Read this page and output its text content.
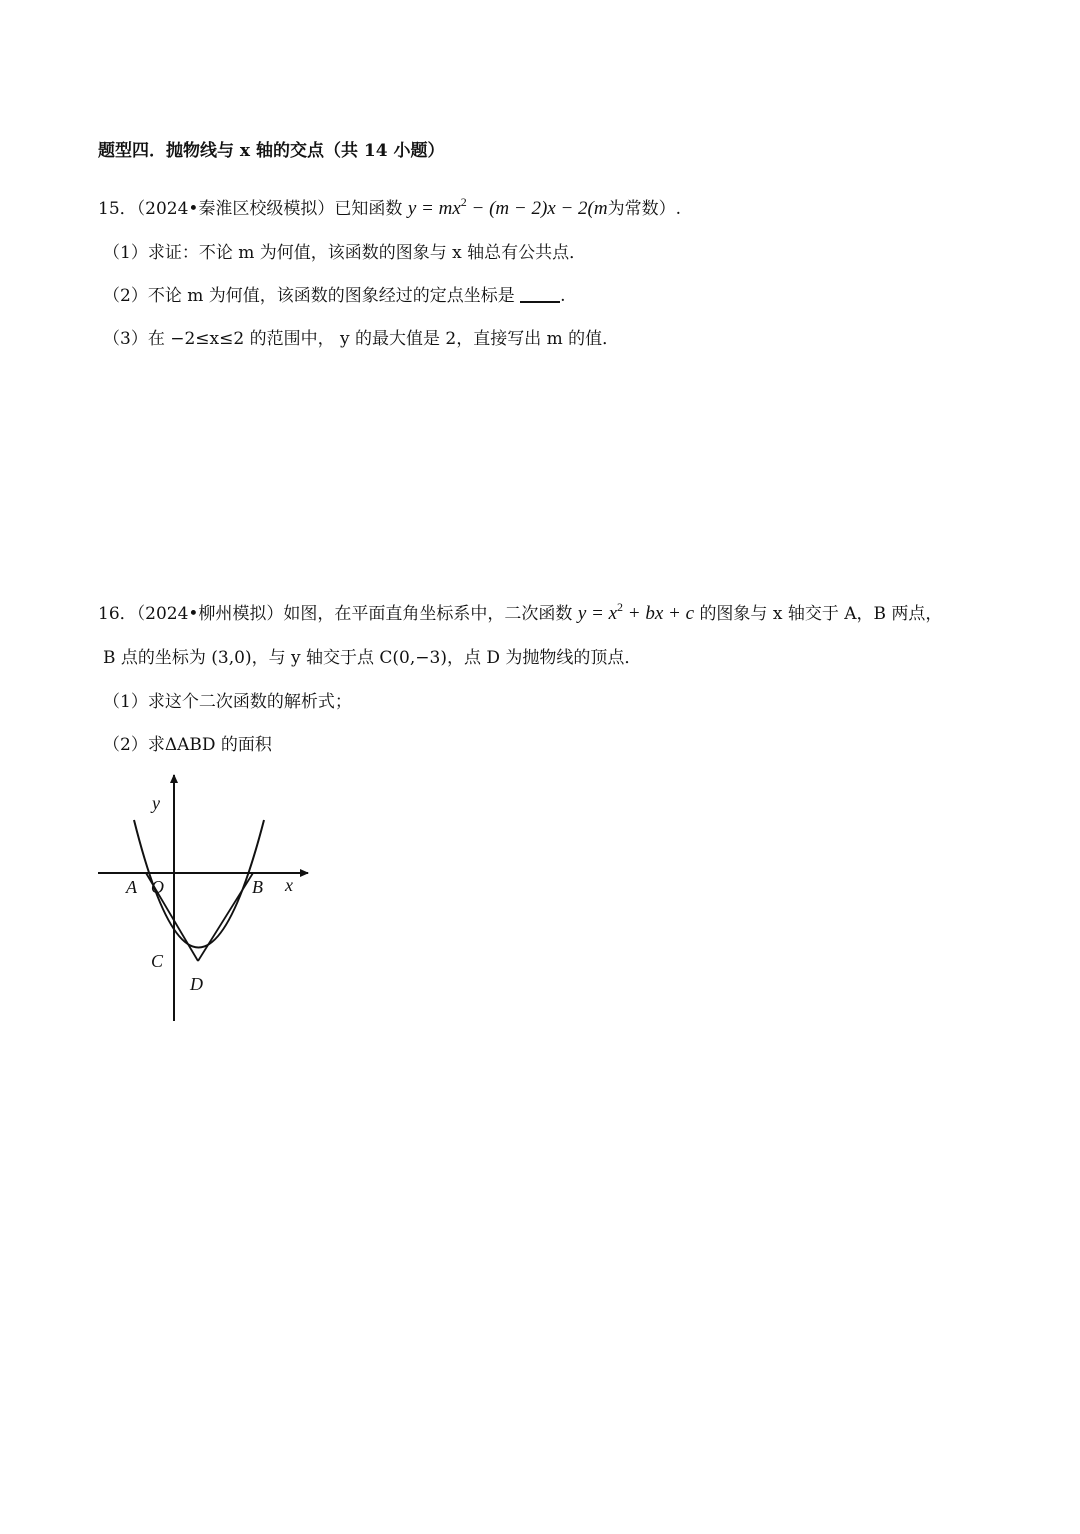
题型四．抛物线与 x 轴的交点（共 14 小题）
15．（2024•秦淮区校级模拟）已知函数 $y = mx^2 - (m - 2)x - 2(m$为常数）.
（1）求证：不论 m 为何值，该函数的图象与 x 轴总有公共点．
（2）不论 m 为何值，该函数的图象经过的定点坐标是	.
（3）在 −2≤x≤2 的范围中， y 的最大值是 2，直接写出 m 的值．
16．（2024•柳州模拟）如图，在平面直角坐标系中，二次函数 $y = x^2$ + bx + c 的图象与 x 轴交于 A，B 两点，
B 点的坐标为 (3,0)，与 y 轴交于点 C(0,−3)，点 D 为抛物线的顶点．
（1）求这个二次函数的解析式；
（2）求ΔABD 的面积
y
x
A O	B
C
D
